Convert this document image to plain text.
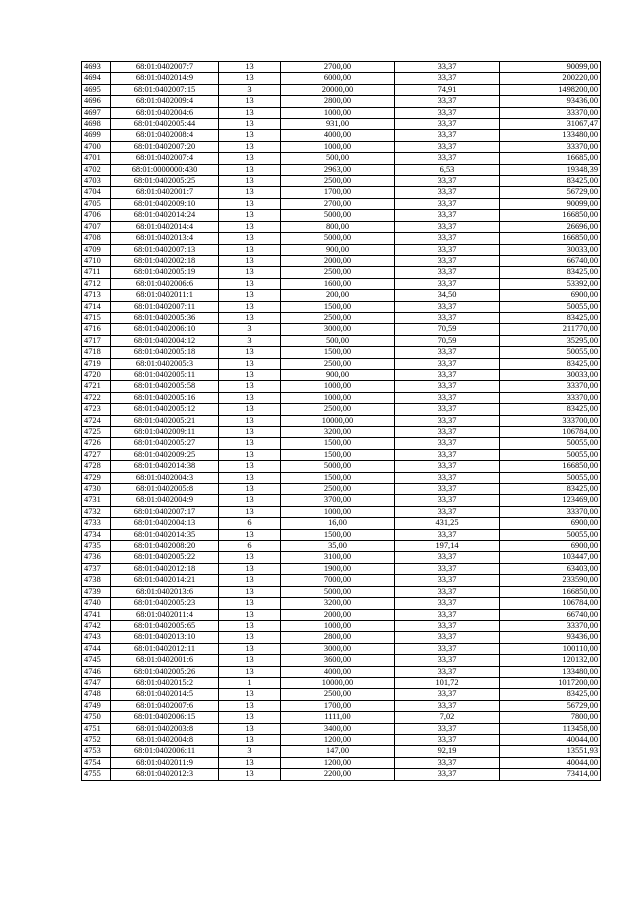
4693	68:01:0402007:7	13	2700,00	33,37	90099,00
4694	68:01:0402014:9	13	6000,00	33,37	200220,00
4695	68:01:0402007:15	3	20000,00	74,91	1498200,00
4696	68:01:0402009:4	13	2800,00	33,37	93436,00
4697	68:01:0402004:6	13	1000,00	33,37	33370,00
4698	68:01:0402005:44	13	931,00	33,37	31067,47
4699	68:01:0402008:4	13	4000,00	33,37	133480,00
4700	68:01:0402007:20	13	1000,00	33,37	33370,00
4701	68:01:0402007:4	13	500,00	33,37	16685,00
4702	68:01:0000000:430	13	2963,00	6,53	19348,39
4703	68:01:0402005:25	13	2500,00	33,37	83425,00
4704	68:01:0402001:7	13	1700,00	33,37	56729,00
4705	68:01:0402009:10	13	2700,00	33,37	90099,00
4706	68:01:0402014:24	13	5000,00	33,37	166850,00
4707	68:01:0402014:4	13	800,00	33,37	26696,00
4708	68:01:0402013:4	13	5000,00	33,37	166850,00
4709	68:01:0402007:13	13	900,00	33,37	30033,00
4710	68:01:0402002:18	13	2000,00	33,37	66740,00
4711	68:01:0402005:19	13	2500,00	33,37	83425,00
4712	68:01:0402006:6	13	1600,00	33,37	53392,00
4713	68:01:0402011:1	13	200,00	34,50	6900,00
4714	68:01:0402007:11	13	1500,00	33,37	50055,00
4715	68:01:0402005:36	13	2500,00	33,37	83425,00
4716	68:01:0402006:10	3	3000,00	70,59	211770,00
4717	68:01:0402004:12	3	500,00	70,59	35295,00
4718	68:01:0402005:18	13	1500,00	33,37	50055,00
4719	68:01:0402005:3	13	2500,00	33,37	83425,00
4720	68:01:0402005:11	13	900,00	33,37	30033,00
4721	68:01:0402005:58	13	1000,00	33,37	33370,00
4722	68:01:0402005:16	13	1000,00	33,37	33370,00
4723	68:01:0402005:12	13	2500,00	33,37	83425,00
4724	68:01:0402005:21	13	10000,00	33,37	333700,00
4725	68:01:0402009:11	13	3200,00	33,37	106784,00
4726	68:01:0402005:27	13	1500,00	33,37	50055,00
4727	68:01:0402009:25	13	1500,00	33,37	50055,00
4728	68:01:0402014:38	13	5000,00	33,37	166850,00
4729	68:01:0402004:3	13	1500,00	33,37	50055,00
4730	68:01:0402005:8	13	2500,00	33,37	83425,00
4731	68:01:0402004:9	13	3700,00	33,37	123469,00
4732	68:01:0402007:17	13	1000,00	33,37	33370,00
4733	68:01:0402004:13	6	16,00	431,25	6900,00
4734	68:01:0402014:35	13	1500,00	33,37	50055,00
4735	68:01:0402008:20	6	35,00	197,14	6900,00
4736	68:01:0402005:22	13	3100,00	33,37	103447,00
4737	68:01:0402012:18	13	1900,00	33,37	63403,00
4738	68:01:0402014:21	13	7000,00	33,37	233590,00
4739	68:01:0402013:6	13	5000,00	33,37	166850,00
4740	68:01:0402005:23	13	3200,00	33,37	106784,00
4741	68:01:0402011:4	13	2000,00	33,37	66740,00
4742	68:01:0402005:65	13	1000,00	33,37	33370,00
4743	68:01:0402013:10	13	2800,00	33,37	93436,00
4744	68:01:0402012:11	13	3000,00	33,37	100110,00
4745	68:01:0402001:6	13	3600,00	33,37	120132,00
4746	68:01:0402005:26	13	4000,00	33,37	133480,00
4747	68:01:0402015:2	1	10000,00	101,72	1017200,00
4748	68:01:0402014:5	13	2500,00	33,37	83425,00
4749	68:01:0402007:6	13	1700,00	33,37	56729,00
4750	68:01:0402006:15	13	1111,00	7,02	7800,00
4751	68:01:0402003:8	13	3400,00	33,37	113458,00
4752	68:01:0402004:8	13	1200,00	33,37	40044,00
4753	68:01:0402006:11	3	147,00	92,19	13551,93
4754	68:01:0402011:9	13	1200,00	33,37	40044,00
4755	68:01:0402012:3	13	2200,00	33,37	73414,00
